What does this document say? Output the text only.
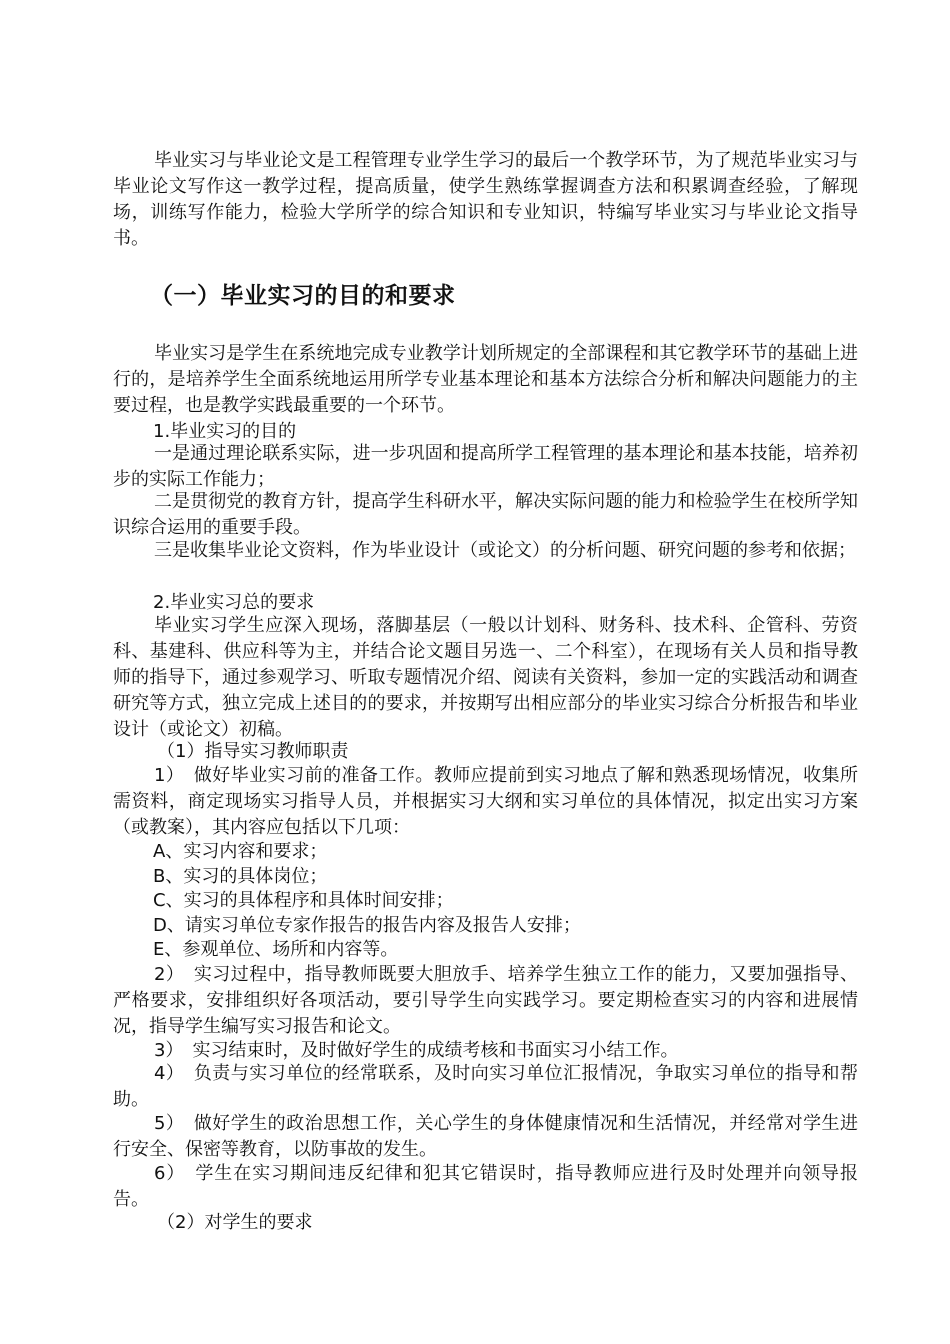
毕业实习与毕业论文是工程管理专业学生学习的最后一个教学环节，为了规范毕业实习与毕业论文写作这一教学过程，提高质量，使学生熟练掌握调查方法和积累调查经验，了解现场，训练写作能力，检验大学所学的综合知识和专业知识，特编写毕业实习与毕业论文指导书。

（一）毕业实习的目的和要求

毕业实习是学生在系统地完成专业教学计划所规定的全部课程和其它教学环节的基础上进行的，是培养学生全面系统地运用所学专业基本理论和基本方法综合分析和解决问题能力的主要过程，也是教学实践最重要的一个环节。

1.毕业实习的目的

一是通过理论联系实际，进一步巩固和提高所学工程管理的基本理论和基本技能，培养初步的实际工作能力；

二是贯彻党的教育方针，提高学生科研水平，解决实际问题的能力和检验学生在校所学知识综合运用的重要手段。

三是收集毕业论文资料，作为毕业设计（或论文）的分析问题、研究问题的参考和依据；

2.毕业实习总的要求

毕业实习学生应深入现场，落脚基层（一般以计划科、财务科、技术科、企管科、劳资科、基建科、供应科等为主，并结合论文题目另选一、二个科室），在现场有关人员和指导教师的指导下，通过参观学习、听取专题情况介绍、阅读有关资料，参加一定的实践活动和调查研究等方式，独立完成上述目的的要求，并按期写出相应部分的毕业实习综合分析报告和毕业设计（或论文）初稿。

（1）指导实习教师职责

1）　做好毕业实习前的准备工作。教师应提前到实习地点了解和熟悉现场情况，收集所需资料，商定现场实习指导人员，并根据实习大纲和实习单位的具体情况，拟定出实习方案（或教案），其内容应包括以下几项：

A、实习内容和要求；

B、实习的具体岗位；

C、实习的具体程序和具体时间安排；

D、请实习单位专家作报告的报告内容及报告人安排；

E、参观单位、场所和内容等。

2）　实习过程中，指导教师既要大胆放手、培养学生独立工作的能力，又要加强指导、严格要求，安排组织好各项活动，要引导学生向实践学习。要定期检查实习的内容和进展情况，指导学生编写实习报告和论文。

3）　实习结束时，及时做好学生的成绩考核和书面实习小结工作。

4）　负责与实习单位的经常联系，及时向实习单位汇报情况，争取实习单位的指导和帮助。

5）　做好学生的政治思想工作，关心学生的身体健康情况和生活情况，并经常对学生进行安全、保密等教育，以防事故的发生。

6）　学生在实习期间违反纪律和犯其它错误时，指导教师应进行及时处理并向领导报告。

（2）对学生的要求
